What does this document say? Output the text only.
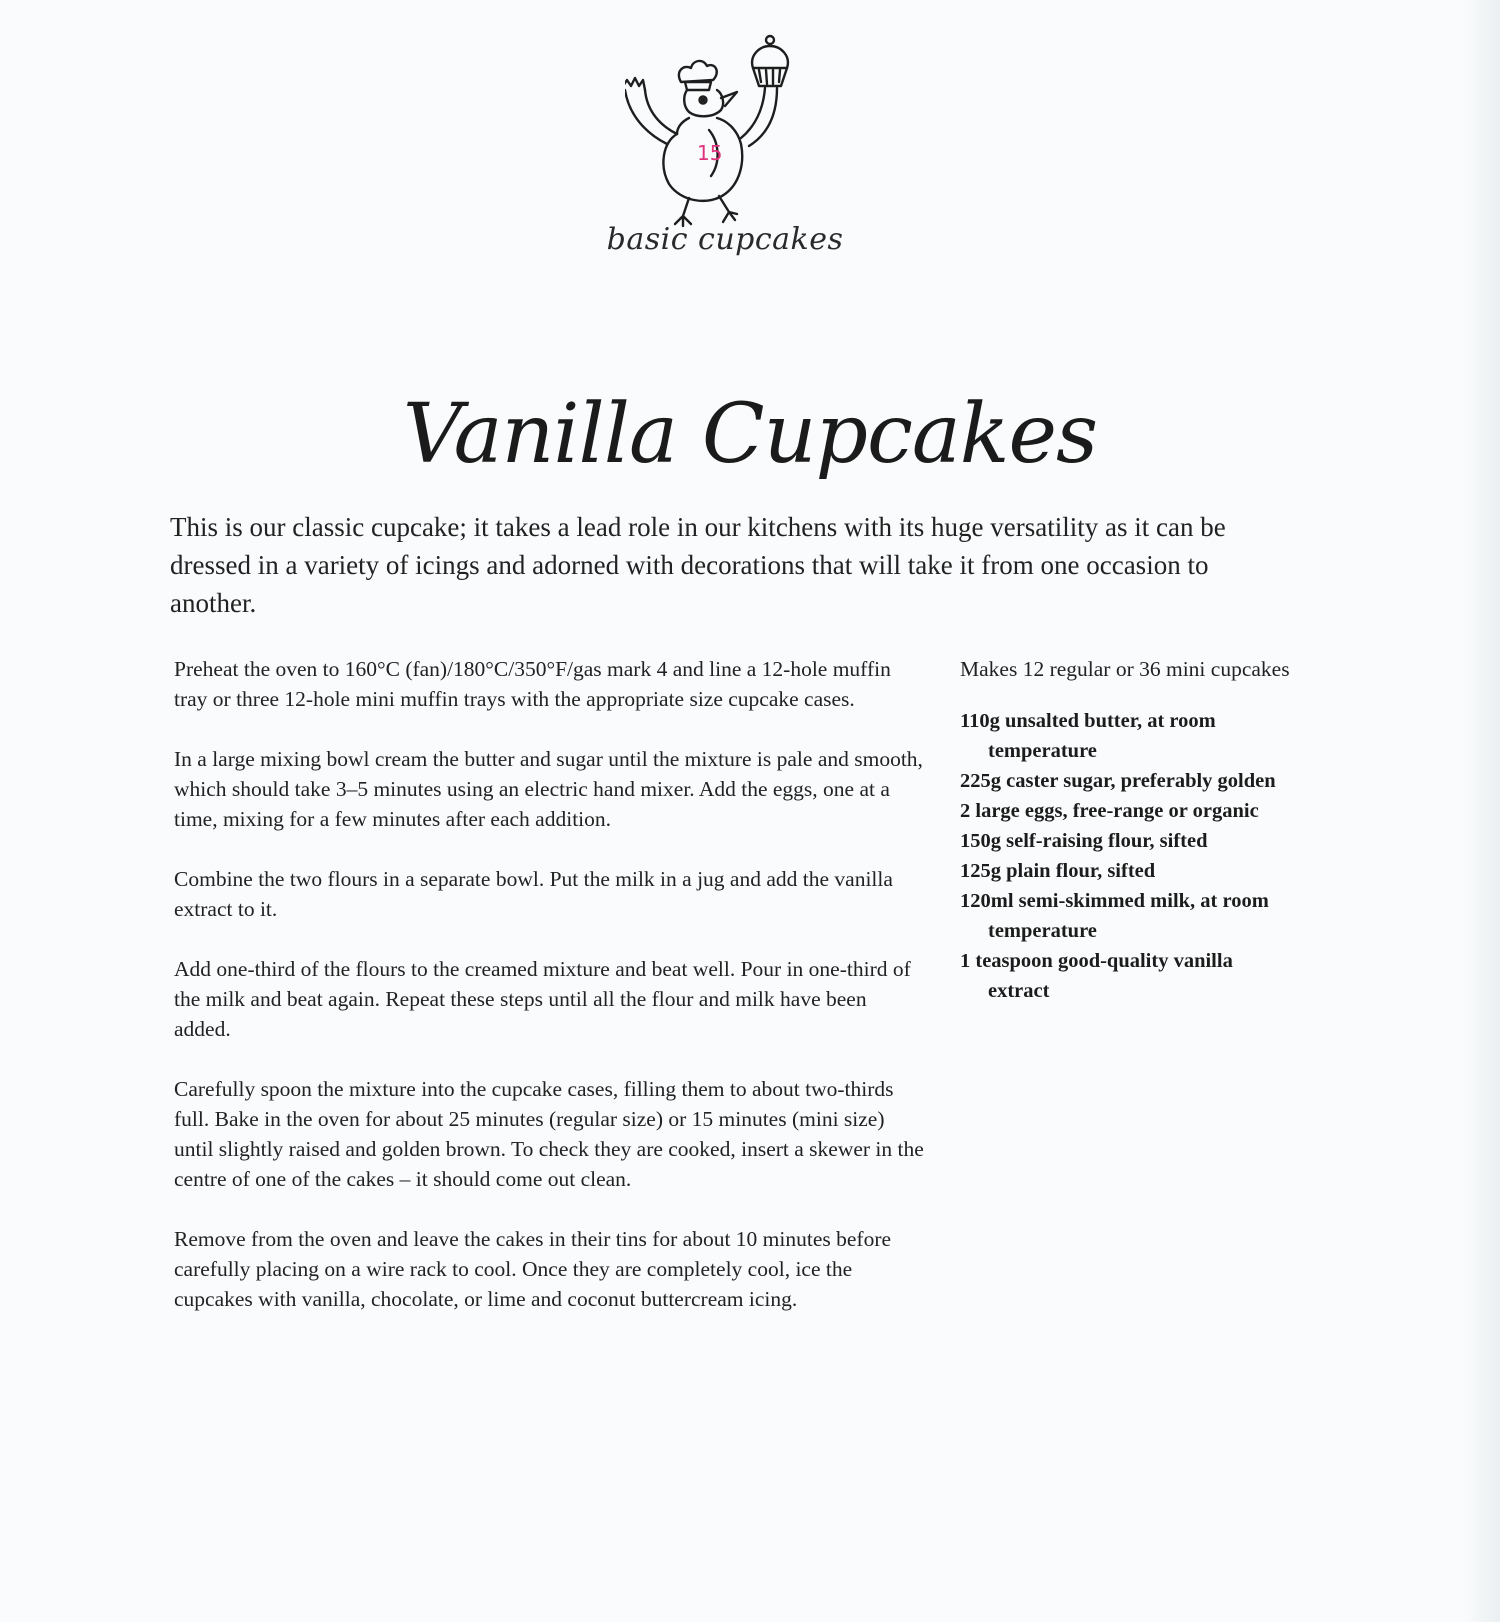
15
basic cupcakes
Vanilla Cupcakes

This is our classic cupcake; it takes a lead role in our kitchens with its huge versatility as it can be dressed in a variety of icings and adorned with decorations that will take it from one occasion to another.

Preheat the oven to 160°C (fan)/180°C/350°F/gas mark 4 and line a 12-hole muffin tray or three 12-hole mini muffin trays with the appropriate size cupcake cases.

In a large mixing bowl cream the butter and sugar until the mixture is pale and smooth, which should take 3–5 minutes using an electric hand mixer. Add the eggs, one at a time, mixing for a few minutes after each addition.

Combine the two flours in a separate bowl. Put the milk in a jug and add the vanilla extract to it.

Add one-third of the flours to the creamed mixture and beat well. Pour in one-third of the milk and beat again. Repeat these steps until all the flour and milk have been added.

Carefully spoon the mixture into the cupcake cases, filling them to about two-thirds full. Bake in the oven for about 25 minutes (regular size) or 15 minutes (mini size) until slightly raised and golden brown. To check they are cooked, insert a skewer in the centre of one of the cakes – it should come out clean.

Remove from the oven and leave the cakes in their tins for about 10 minutes before carefully placing on a wire rack to cool. Once they are completely cool, ice the cupcakes with vanilla, chocolate, or lime and coconut buttercream icing.

Makes 12 regular or 36 mini cupcakes

110g unsalted butter, at room temperature
225g caster sugar, preferably golden
2 large eggs, free-range or organic
150g self-raising flour, sifted
125g plain flour, sifted
120ml semi-skimmed milk, at room temperature
1 teaspoon good-quality vanilla extract
